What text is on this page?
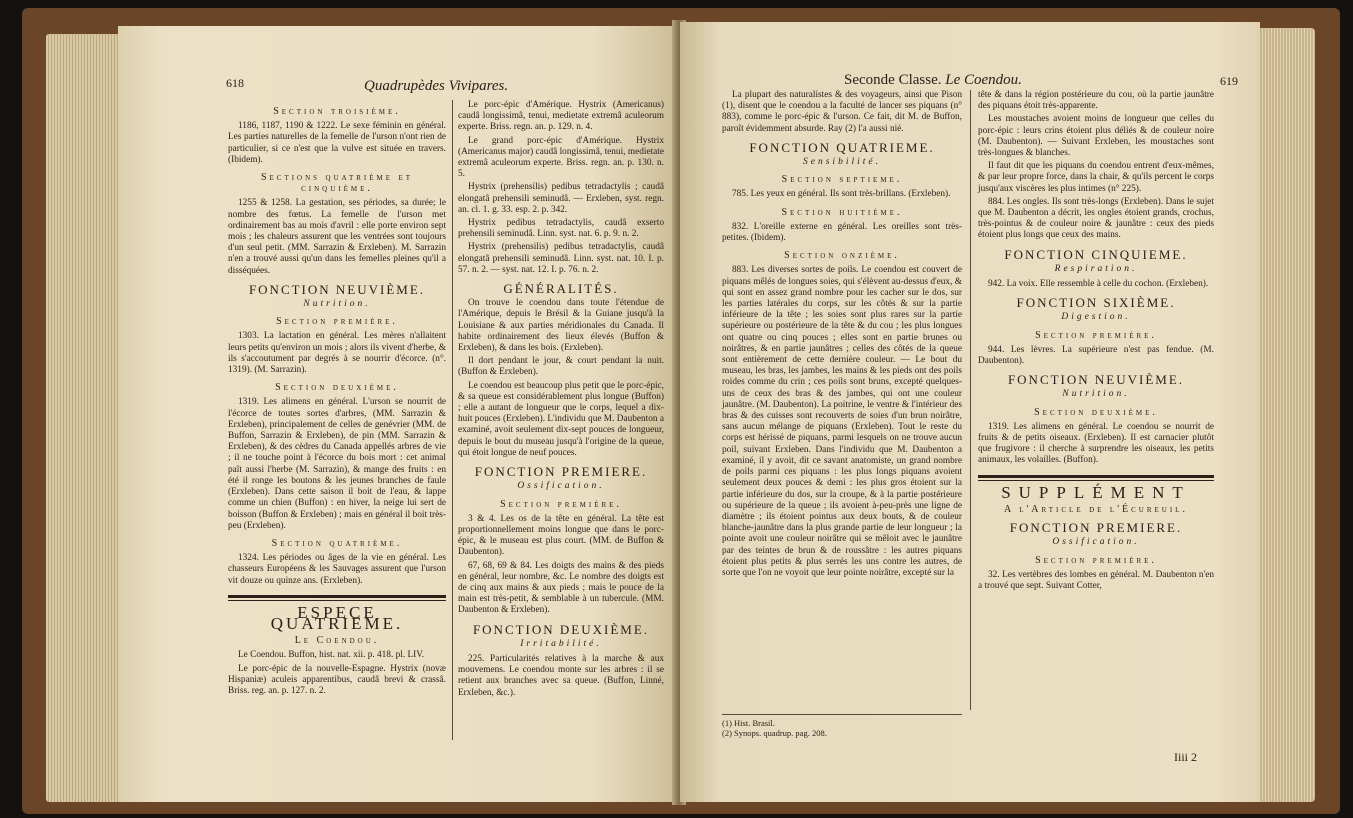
618	Quadrupèdes Vivipares.
Section troisième.

1186, 1187, 1190 & 1222. Le sexe féminin en général. Les parties naturelles de la femelle de l'urson n'ont rien de particulier, si ce n'est que la vulve est située en travers. (Ibidem).

Sections quatrième et cinquième.

1255 & 1258. La gestation, ses périodes, sa durée; le nombre des fœtus. La femelle de l'urson met ordinairement bas au mois d'avril : elle porte environ sept mois ; les chaleurs assurent que les ventrées sont toujours d'un seul petit. (MM. Sarrazin & Erxleben). M. Sarrazin n'en a trouvé aussi qu'un dans les femelles pleines qu'il a disséquées.

FONCTION NEUVIÈME.
Nutrition.
Section première.

1303. La lactation en général. Les mères n'allaitent leurs petits qu'environ un mois ; alors ils vivent d'herbe, & ils s'accoutument par degrés à se nourrir d'écorce. (n°. 1319). (M. Sarrazin).

Section deuxième.

1319. Les alimens en général. L'urson se nourrit de l'écorce de toutes sortes d'arbres, (MM. Sarrazin & Erxleben), principalement de celles de genévrier (MM. de Buffon, Sarrazin & Erxleben), de pin (MM. Sarrazin & Erxleben), & des cèdres du Canada appellés arbres de vie ; il ne touche point à l'écorce du bois mort : cet animal paît aussi l'herbe (M. Sarrazin), & mange des fruits : en été il ronge les boutons & les jeunes branches de faule (Erxleben). Dans cette saison il boit de l'eau, & lappe comme un chien (Buffon) : en hiver, la neige lui sert de boisson (Buffon & Erxleben) ; mais en général il boit très-peu (Erxleben).

Section quatrième.

1324. Les périodes ou âges de la vie en général. Les chasseurs Européens & les Sauvages assurent que l'urson vit douze ou quinze ans. (Erxleben).

ESPECE QUATRIEME.
Le Coendou.

Le Coendou. Buffon, hist. nat. xii. p. 418. pl. LIV.

Le porc-épic de la nouvelle-Espagne. Hystrix (novæ Hispaniæ) aculeis apparentibus, caudâ brevi & crassâ. Briss. reg. an. p. 127. n. 2.

Le porc-épic d'Amérique. Hystrix (Americanus) caudâ longissimâ, tenui, medietate extremâ aculeorum experte. Briss. regn. an. p. 129. n. 4.

Le grand porc-épic d'Amérique. Hystrix (Americanus major) caudâ longissimâ, tenui, medietate extremâ aculeorum experte. Briss. regn. an. p. 130. n. 5.

Hystrix (prehensilis) pedibus tetradactylis ; caudâ elongatâ prehensili seminudâ. — Erxleben, syst. regn. an. cl. 1. g. 33. esp. 2. p. 342.

Hystrix pedibus tetradactylis, caudâ exserto prehensili seminudâ. Linn. syst. nat. 6. p. 9. n. 2.

Hystrix (prehensilis) pedibus tetradactylis, caudâ elongatâ prehensili seminudâ. Linn. syst. nat. 10. I. p. 57. n. 2. — syst. nat. 12. I. p. 76. n. 2.

GÉNÉRALITÉS.

On trouve le coendou dans toute l'étendue de l'Amérique, depuis le Brésil & la Guiane jusqu'à la Louisiane & aux parties méridionales du Canada. Il habite ordinairement des lieux élevés (Buffon & Erxleben), & dans les bois. (Erxleben).

Il dort pendant le jour, & court pendant la nuit. (Buffon & Erxleben).

Le coendou est beaucoup plus petit que le porc-épic, & sa queue est considérablement plus longue (Buffon) ; elle a autant de longueur que le corps, lequel a dix-huit pouces (Erxleben). L'individu que M. Daubenton a examiné, avoit seulement dix-sept pouces de longueur, depuis le bout du museau jusqu'à l'origine de la queue, qui étoit longue de neuf pouces.

FONCTION PREMIERE.
Ossification.
Section première.

3 & 4. Les os de la tête en général. La tête est proportionnellement moins longue que dans le porc-épic, & le museau est plus court. (MM. de Buffon & Daubenton).

67, 68, 69 & 84. Les doigts des mains & des pieds en général, leur nombre, &c. Le nombre des doigts est de cinq aux mains & aux pieds ; mais le pouce de la main est très-petit, & semblable à un tubercule. (MM. Daubenton & Erxleben).

FONCTION DEUXIÈME.
Irritabilité.

225. Particularités relatives à la marche & aux mouvemens. Le coendou monte sur les arbres : il se retient aux branches avec sa queue. (Buffon, Linné, Erxleben, &c.).

Seconde Classe. Le Coendou.	619

La plupart des naturalistes & des voyageurs, ainsi que Pison (1), disent que le coendou a la faculté de lancer ses piquans (n° 883), comme le porc-épic & l'urson. Ce fait, dit M. de Buffon, paroît évidemment absurde. Ray (2) l'a aussi nié.

FONCTION QUATRIEME.
Sensibilité.
Section septieme.

785. Les yeux en général. Ils sont très-brillans. (Erxleben).

Section huitième.

832. L'oreille externe en général. Les oreilles sont très-petites. (Ibidem).

Section onzième.

883. Les diverses sortes de poils. Le coendou est couvert de piquans mêlés de longues soies, qui s'élèvent au-dessus d'eux, & qui sont en assez grand nombre pour les cacher sur le dos, sur les parties latérales du corps, sur les côtés & sur la partie inférieure de la tête ; les soies sont plus rares sur la partie supérieure ou postérieure de la tête & du cou ; les plus longues ont quatre ou cinq pouces ; elles sont en partie brunes ou noirâtres, & en partie jaunâtres ; celles des côtés de la queue sont entièrement de cette dernière couleur. — Le bout du museau, les bras, les jambes, les mains & les pieds ont des poils roides comme du crin ; ces poils sont bruns, excepté quelques-uns de ceux des bras & des jambes, qui ont une couleur jaunâtre. (M. Daubenton). La poitrine, le ventre & l'intérieur des bras & des cuisses sont recouverts de soies d'un brun noirâtre, sans aucun mélange de piquans (Erxleben). Tout le reste du corps est hérissé de piquans, parmi lesquels on ne trouve aucun poil, suivant Erxleben. Dans l'individu que M. Daubenton a examiné, il y avoit, dit ce savant anatomiste, un grand nombre de poils parmi ces piquans : les plus longs piquans avoient seulement deux pouces & demi : les plus gros étoient sur la partie inférieure du dos, sur la croupe, & à la partie postérieure ou supérieure de la queue ; ils avoient à-peu-près une ligne de diamètre ; ils étoient pointus aux deux bouts, & de couleur blanche-jaunâtre dans la plus grande partie de leur longueur ; la pointe avoit une couleur noirâtre qui se mêloit avec le jaunâtre par des teintes de brun & de roussâtre : les autres piquans étoient plus petits & plus serrés les uns contre les autres, de sorte que l'on ne voyoit que leur pointe noirâtre, excepté sur la

(1) Hist. Brasil.
(2) Synops. quadrup. pag. 208.

tête & dans la région postérieure du cou, où la partie jaunâtre des piquans étoit très-apparente.

Les moustaches avoient moins de longueur que celles du porc-épic : leurs crins étoient plus déliés & de couleur noire (M. Daubenton). — Suivant Erxleben, les moustaches sont très-longues & blanches.

Il faut dit que les piquans du coendou entrent d'eux-mêmes, & par leur propre force, dans la chair, & qu'ils percent le corps jusqu'aux viscères les plus intimes (n° 225).

884. Les ongles. Ils sont très-longs (Erxleben). Dans le sujet que M. Daubenton a décrit, les ongles étoient grands, crochus, très-pointus & de couleur noire & jaunâtre : ceux des pieds étoient plus longs que ceux des mains.

FONCTION CINQUIEME.
Respiration.

942. La voix. Elle ressemble à celle du cochon. (Erxleben).

FONCTION SIXIÈME.
Digestion.
Section première.

944. Les lèvres. La supérieure n'est pas fendue. (M. Daubenton).

FONCTION NEUVIÈME.
Nutrition.
Section deuxième.

1319. Les alimens en général. Le coendou se nourrit de fruits & de petits oiseaux. (Erxleben). Il est carnacier plutôt que frugivore : il cherche à surprendre les oiseaux, les petits animaux, les volailles. (Buffon).

SUPPLÉMENT
A l'Article de l'Écureuil.
FONCTION PREMIERE.
Ossification.
Section première.

32. Les vertèbres des lombes en général. M. Daubenton n'en a trouvé que sept. Suivant Cotter,

Iiii 2
